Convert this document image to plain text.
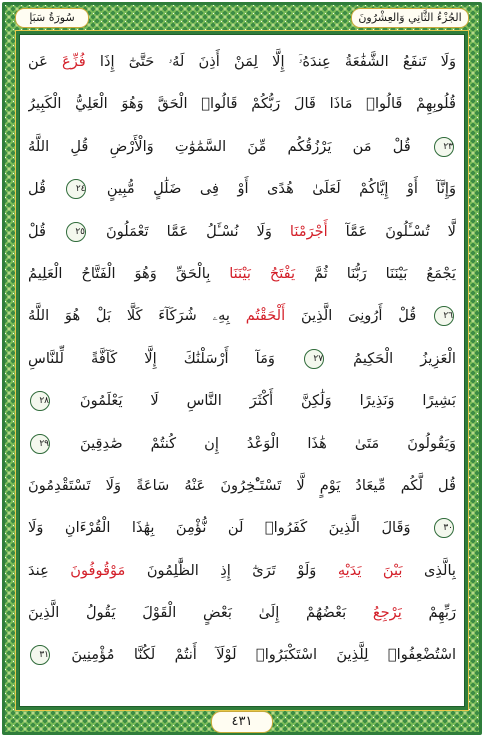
سُورَةُ سَبَإ	الجُزْءُ الثَّانِي وَالعِشْرُونَ
وَلَا تَنفَعُ الشَّفَٰعَةُ عِندَهُۥٓ إِلَّا لِمَنْ أَذِنَ لَهُۥ حَتَّىٰٓ إِذَا فُزِّعَ عَن
قُلُوبِهِمْ قَالُوا۟ مَاذَا قَالَ رَبُّكُمْ قَالُوا۟ الْحَقَّ وَهُوَ الْعَلِيُّ الْكَبِيرُ
٢٣ قُلْ مَن يَرْزُقُكُم مِّنَ السَّمَٰوَٰتِ وَالْأَرْضِ قُلِ اللَّهُ
وَإِنَّآ أَوْ إِيَّاكُمْ لَعَلَىٰ هُدًى أَوْ فِى ضَلَٰلٍ مُّبِينٍ ٢٤ قُل
لَّا تُسْـَٔلُونَ عَمَّآ أَجْرَمْنَا وَلَا نُسْـَٔلُ عَمَّا تَعْمَلُونَ ٢٥ قُلْ
يَجْمَعُ بَيْنَنَا رَبُّنَا ثُمَّ يَفْتَحُ بَيْنَنَا بِالْحَقِّ وَهُوَ الْفَتَّاحُ الْعَلِيمُ
٢٦ قُلْ أَرُونِىَ الَّذِينَ أَلْحَقْتُم بِهِۦ شُرَكَآءَ كَلَّا بَلْ هُوَ اللَّهُ
الْعَزِيزُ الْحَكِيمُ ٢٧ وَمَآ أَرْسَلْنَٰكَ إِلَّا كَآفَّةً لِّلنَّاسِ
بَشِيرًا وَنَذِيرًا وَلَٰكِنَّ أَكْثَرَ النَّاسِ لَا يَعْلَمُونَ ٢٨
وَيَقُولُونَ مَتَىٰ هَٰذَا الْوَعْدُ إِن كُنتُمْ صَٰدِقِينَ ٢٩
قُل لَّكُم مِّيعَادُ يَوْمٍ لَّا تَسْتَـْٔخِرُونَ عَنْهُ سَاعَةً وَلَا تَسْتَقْدِمُونَ
٣٠ وَقَالَ الَّذِينَ كَفَرُوا۟ لَن نُّؤْمِنَ بِهَٰذَا الْقُرْءَانِ وَلَا
بِالَّذِى بَيْنَ يَدَيْهِ وَلَوْ تَرَىٰٓ إِذِ الظَّٰلِمُونَ مَوْقُوفُونَ عِندَ
رَبِّهِمْ يَرْجِعُ بَعْضُهُمْ إِلَىٰ بَعْضٍ الْقَوْلَ يَقُولُ الَّذِينَ
اسْتُضْعِفُوا۟ لِلَّذِينَ اسْتَكْبَرُوا۟ لَوْلَآ أَنتُمْ لَكُنَّا مُؤْمِنِينَ ٣١
٤٣١
